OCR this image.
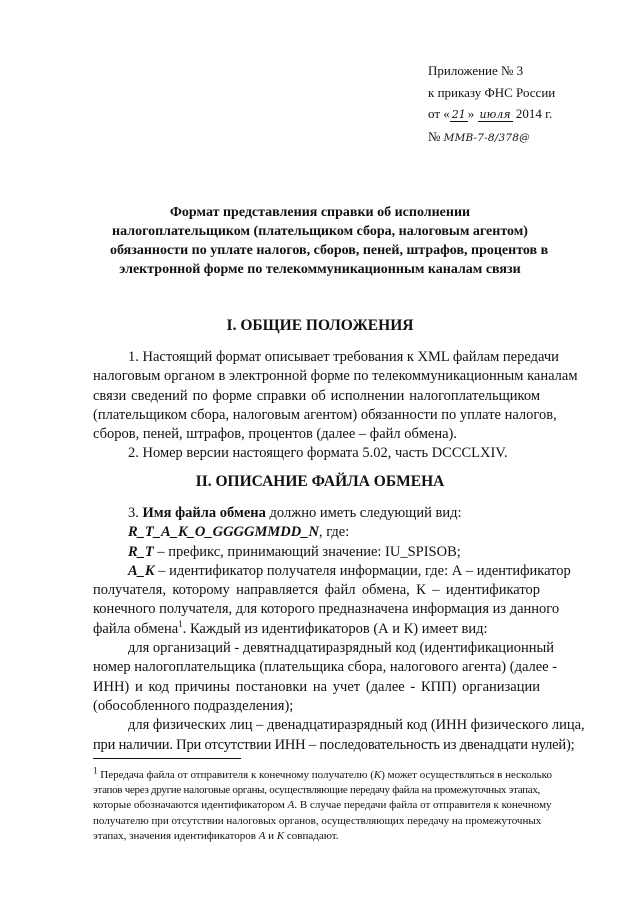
Приложение № 3
к приказу ФНС России
от « 21 » июля 2014 г.
№ ММВ-7-8/378@
Формат представления справки об исполнении
налогоплательщиком (плательщиком сбора, налоговым агентом)
обязанности по уплате налогов, сборов, пеней, штрафов, процентов в
электронной форме по телекоммуникационным каналам связи
I. ОБЩИЕ ПОЛОЖЕНИЯ
1. Настоящий формат описывает требования к XML файлам передачи
налоговым органом в электронной форме по телекоммуникационным каналам
связи сведений по форме справки об исполнении налогоплательщиком
(плательщиком сбора, налоговым агентом) обязанности по уплате налогов,
сборов, пеней, штрафов, процентов (далее – файл обмена).
2. Номер версии настоящего формата 5.02, часть DCCCLXIV.
II. ОПИСАНИЕ ФАЙЛА ОБМЕНА
3. Имя файла обмена должно иметь следующий вид:
R_T_A_K_O_GGGGMMDD_N, где:
R_T – префикс, принимающий значение: IU_SPISOB;
A_K – идентификатор получателя информации, где: А – идентификатор
получателя, которому направляется файл обмена, К – идентификатор
конечного получателя, для которого предназначена информация из данного
файла обмена$^1$. Каждый из идентификаторов (А и К) имеет вид:
для организаций - девятнадцатиразрядный код (идентификационный
номер налогоплательщика (плательщика сбора, налогового агента) (далее -
ИНН) и код причины постановки на учет (далее - КПП) организации
(обособленного подразделения);
для физических лиц – двенадцатиразрядный код (ИНН физического лица,
при наличии. При отсутствии ИНН – последовательность из двенадцати нулей);
$^1$ Передача файла от отправителя к конечному получателю (К) может осуществляться в несколько
этапов через другие налоговые органы, осуществляющие передачу файла на промежуточных этапах,
которые обозначаются идентификатором А. В случае передачи файла от отправителя к конечному
получателю при отсутствии налоговых органов, осуществляющих передачу на промежуточных
этапах, значения идентификаторов А и К совпадают.
